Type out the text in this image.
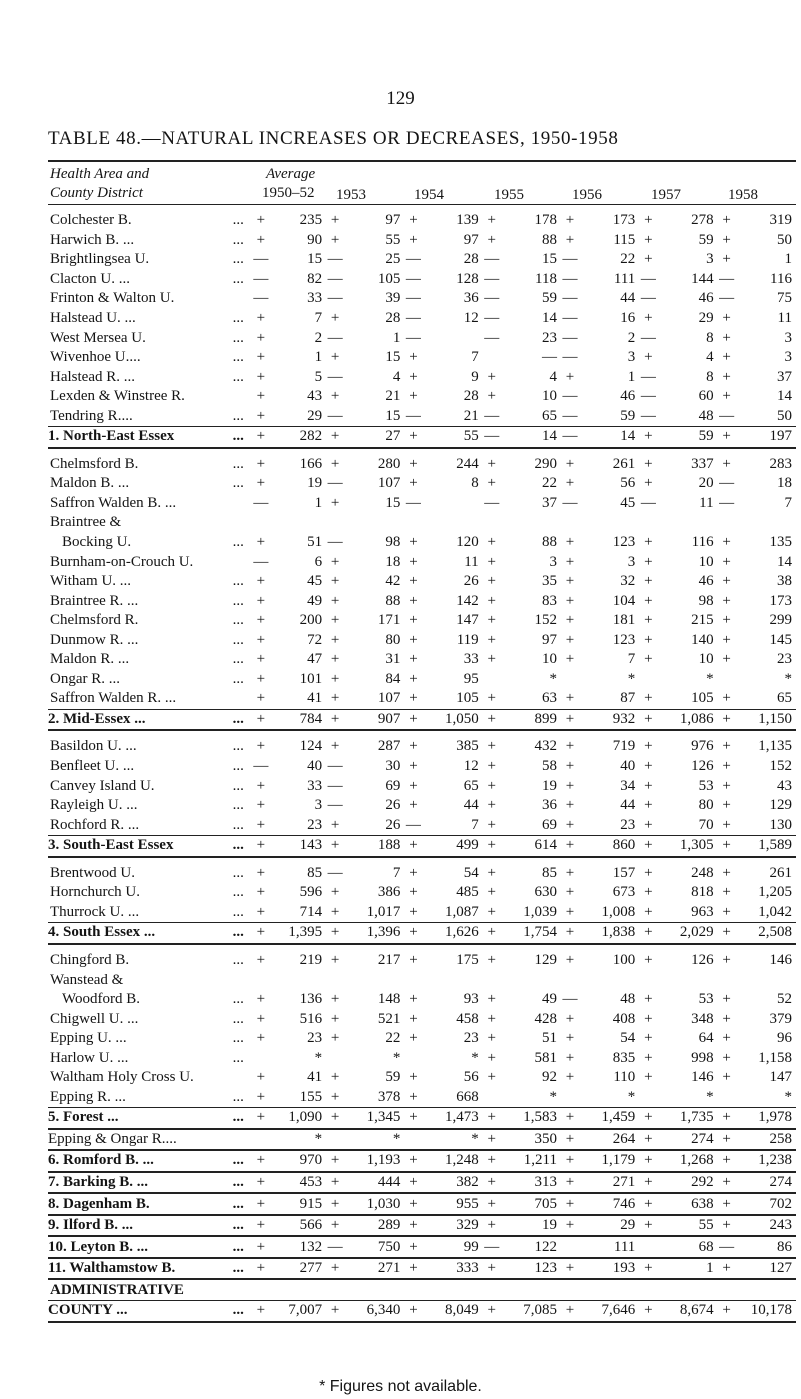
129
TABLE 48.—NATURAL INCREASES OR DECREASES, 1950-1958
Health Area and
County District
Average
1950–52	1953	1954	1955	1956	1957	1958
Colchester B. ...	+	235	+	97	+	139	+	178	+	173	+	278	+	319
Harwich B. ... ...	+	90	+	55	+	97	+	88	+	115	+	59	+	50
Brightlingsea U. ...	—	15	—	25	—	28	—	15	—	22	+	3	+	1
Clacton U. ... ...	—	82	—	105	—	128	—	118	—	111	—	144	—	116
Frinton & Walton U.	—	33	—	39	—	36	—	59	—	44	—	46	—	75
Halstead U. ... ...	+	7	+	28	—	12	—	14	—	16	+	29	+	11
West Mersea U. ...	+	2	—	1	—		—	23	—	2	—	8	+	3
Wivenhoe U.... ...	+	1	+	15	+	7		—	—	3	+	4	+	3
Halstead R. ... ...	+	5	—	4	+	9	+	4	+	1	—	8	+	37
Lexden & Winstree R.	+	43	+	21	+	28	+	10	—	46	—	60	+	14
Tendring R.... ...	+	29	—	15	—	21	—	65	—	59	—	48	—	50
1. North-East Essex ...	+	282	+	27	+	55	—	14	—	14	+	59	+	197
Chelmsford B. ...	+	166	+	280	+	244	+	290	+	261	+	337	+	283
Maldon B. ... ...	+	19	—	107	+	8	+	22	+	56	+	20	—	18
Saffron Walden B. ...	—	1	+	15	—		—	37	—	45	—	11	—	7
Braintree &														
Bocking U. ...	+	51	—	98	+	120	+	88	+	123	+	116	+	135
Burnham-on-Crouch U.	—	6	+	18	+	11	+	3	+	3	+	10	+	14
Witham U. ... ...	+	45	+	42	+	26	+	35	+	32	+	46	+	38
Braintree R. ... ...	+	49	+	88	+	142	+	83	+	104	+	98	+	173
Chelmsford R. ...	+	200	+	171	+	147	+	152	+	181	+	215	+	299
Dunmow R. ... ...	+	72	+	80	+	119	+	97	+	123	+	140	+	145
Maldon R. ... ...	+	47	+	31	+	33	+	10	+	7	+	10	+	23
Ongar R. ... ...	+	101	+	84	+	95		*		*		*		*
Saffron Walden R. ...	+	41	+	107	+	105	+	63	+	87	+	105	+	65
2. Mid-Essex ... ...	+	784	+	907	+	1,050	+	899	+	932	+	1,086	+	1,150
Basildon U. ... ...	+	124	+	287	+	385	+	432	+	719	+	976	+	1,135
Benfleet U. ... ...	—	40	—	30	+	12	+	58	+	40	+	126	+	152
Canvey Island U. ...	+	33	—	69	+	65	+	19	+	34	+	53	+	43
Rayleigh U. ... ...	+	3	—	26	+	44	+	36	+	44	+	80	+	129
Rochford R. ... ...	+	23	+	26	—	7	+	69	+	23	+	70	+	130
3. South-East Essex ...	+	143	+	188	+	499	+	614	+	860	+	1,305	+	1,589
Brentwood U. ...	+	85	—	7	+	54	+	85	+	157	+	248	+	261
Hornchurch U. ...	+	596	+	386	+	485	+	630	+	673	+	818	+	1,205
Thurrock U. ... ...	+	714	+	1,017	+	1,087	+	1,039	+	1,008	+	963	+	1,042
4. South Essex ... ...	+	1,395	+	1,396	+	1,626	+	1,754	+	1,838	+	2,029	+	2,508
Chingford B. ...	+	219	+	217	+	175	+	129	+	100	+	126	+	146
Wanstead &														
Woodford B. ...	+	136	+	148	+	93	+	49	—	48	+	53	+	52
Chigwell U. ... ...	+	516	+	521	+	458	+	428	+	408	+	348	+	379
Epping U. ... ...	+	23	+	22	+	23	+	51	+	54	+	64	+	96
Harlow U. ... ...		*		*		*	+	581	+	835	+	998	+	1,158
Waltham Holy Cross U.	+	41	+	59	+	56	+	92	+	110	+	146	+	147
Epping R. ... ...	+	155	+	378	+	668		*		*		*		*
5. Forest ... ...	+	1,090	+	1,345	+	1,473	+	1,583	+	1,459	+	1,735	+	1,978
Epping & Ongar R....		*		*		*	+	350	+	264	+	274	+	258
6. Romford B. ... ...	+	970	+	1,193	+	1,248	+	1,211	+	1,179	+	1,268	+	1,238
7. Barking B. ... ...	+	453	+	444	+	382	+	313	+	271	+	292	+	274
8. Dagenham B. ...	+	915	+	1,030	+	955	+	705	+	746	+	638	+	702
9. Ilford B. ... ...	+	566	+	289	+	329	+	19	+	29	+	55	+	243
10. Leyton B. ... ...	+	132	—	750	+	99	—	122		111		68	—	86
11. Walthamstow B. ...	+	277	+	271	+	333	+	123	+	193	+	1	+	127
ADMINISTRATIVE														
COUNTY ... ...	+	7,007	+	6,340	+	8,049	+	7,085	+	7,646	+	8,674	+	10,178
* Figures not available.
